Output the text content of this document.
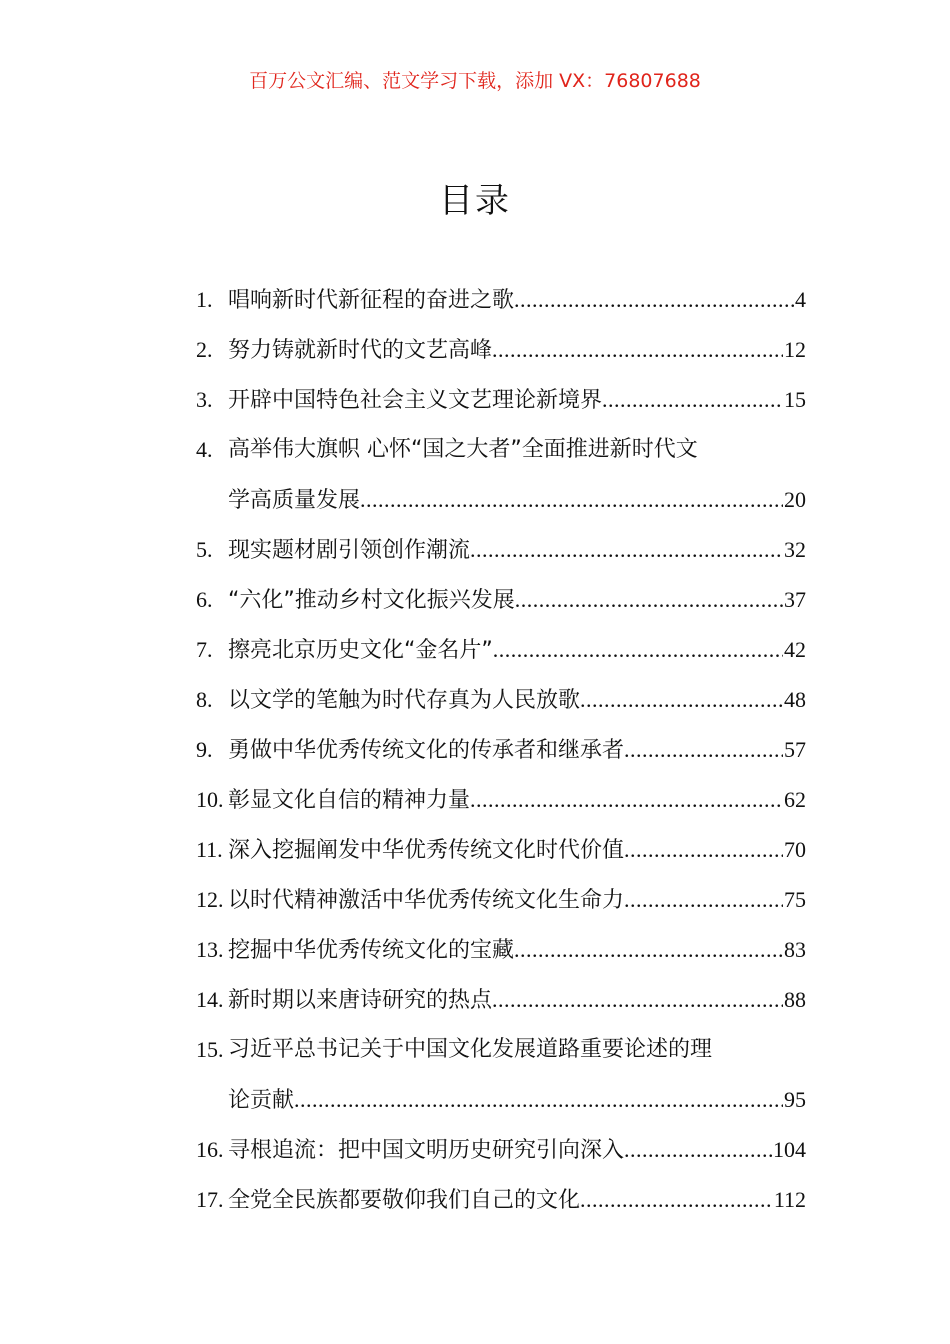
百万公文汇编、范文学习下载，添加 VX：76807688
目录
1. 唱响新时代新征程的奋进之歌 .....	4
2. 努力铸就新时代的文艺高峰 .....	12
3. 开辟中国特色社会主义文艺理论新境界 .....	15
4. 高举伟大旗帜 心怀“国之大者”全面推进新时代文
学高质量发展 .....	20
5. 现实题材剧引领创作潮流 .....	32
6. “六化”推动乡村文化振兴发展 .....	37
7. 擦亮北京历史文化“金名片” .....	42
8. 以文学的笔触为时代存真为人民放歌 .....	48
9. 勇做中华优秀传统文化的传承者和继承者 .....	57
10. 彰显文化自信的精神力量 .....	62
11. 深入挖掘阐发中华优秀传统文化时代价值 .....	70
12. 以时代精神激活中华优秀传统文化生命力 .....	75
13. 挖掘中华优秀传统文化的宝藏 .....	83
14. 新时期以来唐诗研究的热点 .....	88
15. 习近平总书记关于中国文化发展道路重要论述的理
论贡献 .....	95
16. 寻根追流：把中国文明历史研究引向深入 .....	104
17. 全党全民族都要敬仰我们自己的文化 .....	112
